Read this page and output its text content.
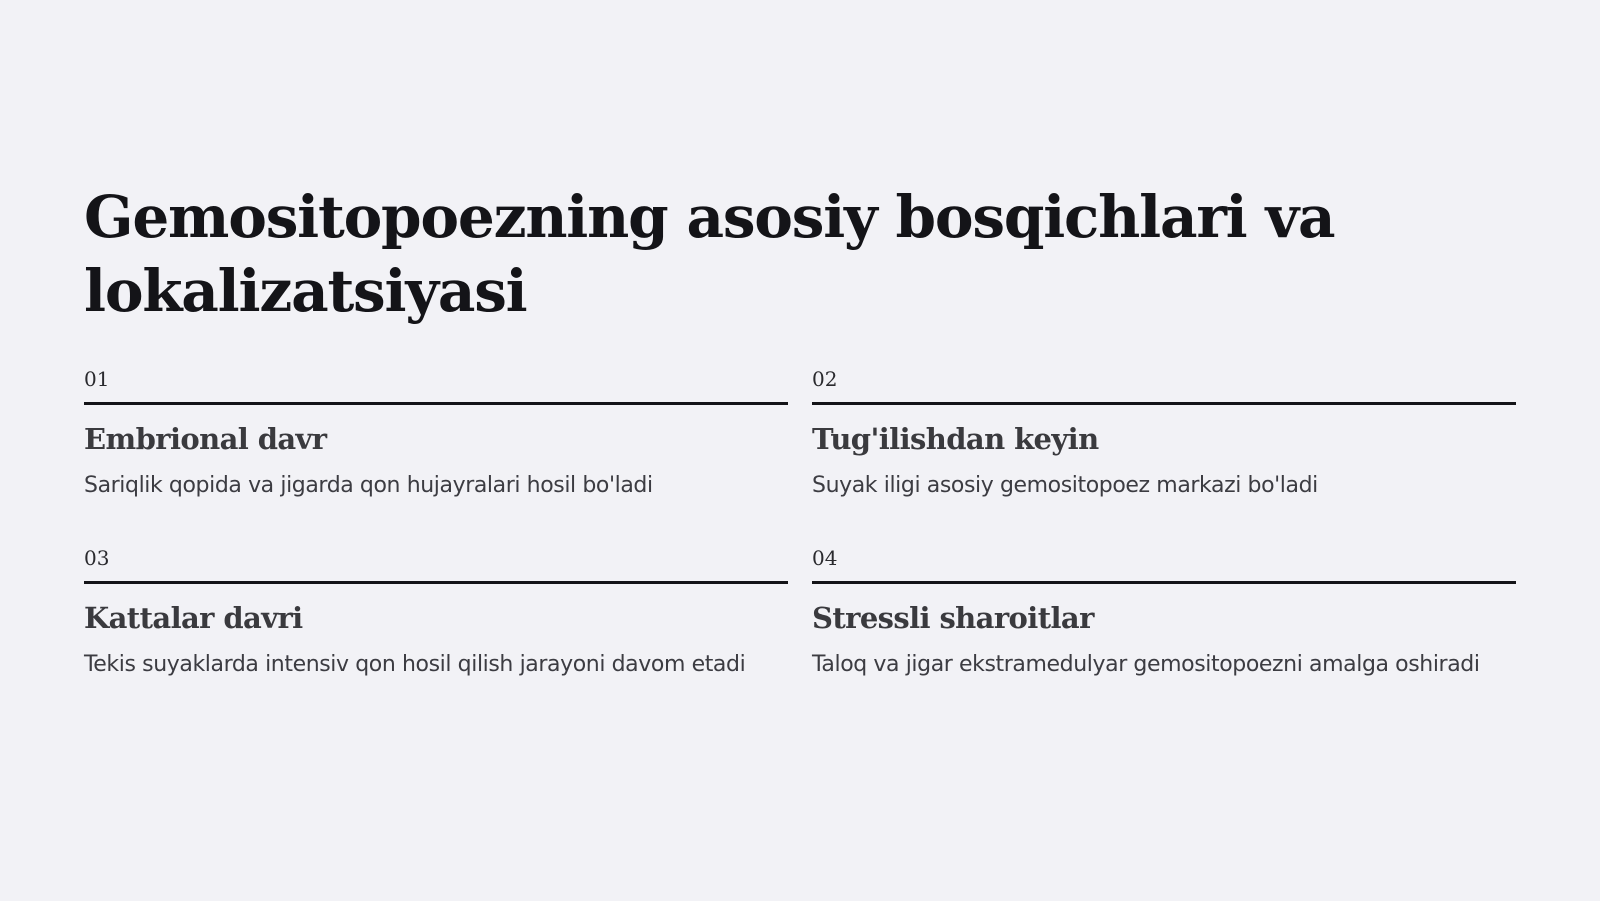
Gemositopoezning asosiy bosqichlari va lokalizatsiyasi
01
Embrional davr
Sariqlik qopida va jigarda qon hujayralari hosil bo'ladi
02
Tug'ilishdan keyin
Suyak iligi asosiy gemositopoez markazi bo'ladi
03
Kattalar davri
Tekis suyaklarda intensiv qon hosil qilish jarayoni davom etadi
04
Stressli sharoitlar
Taloq va jigar ekstramedulyar gemositopoezni amalga oshiradi
